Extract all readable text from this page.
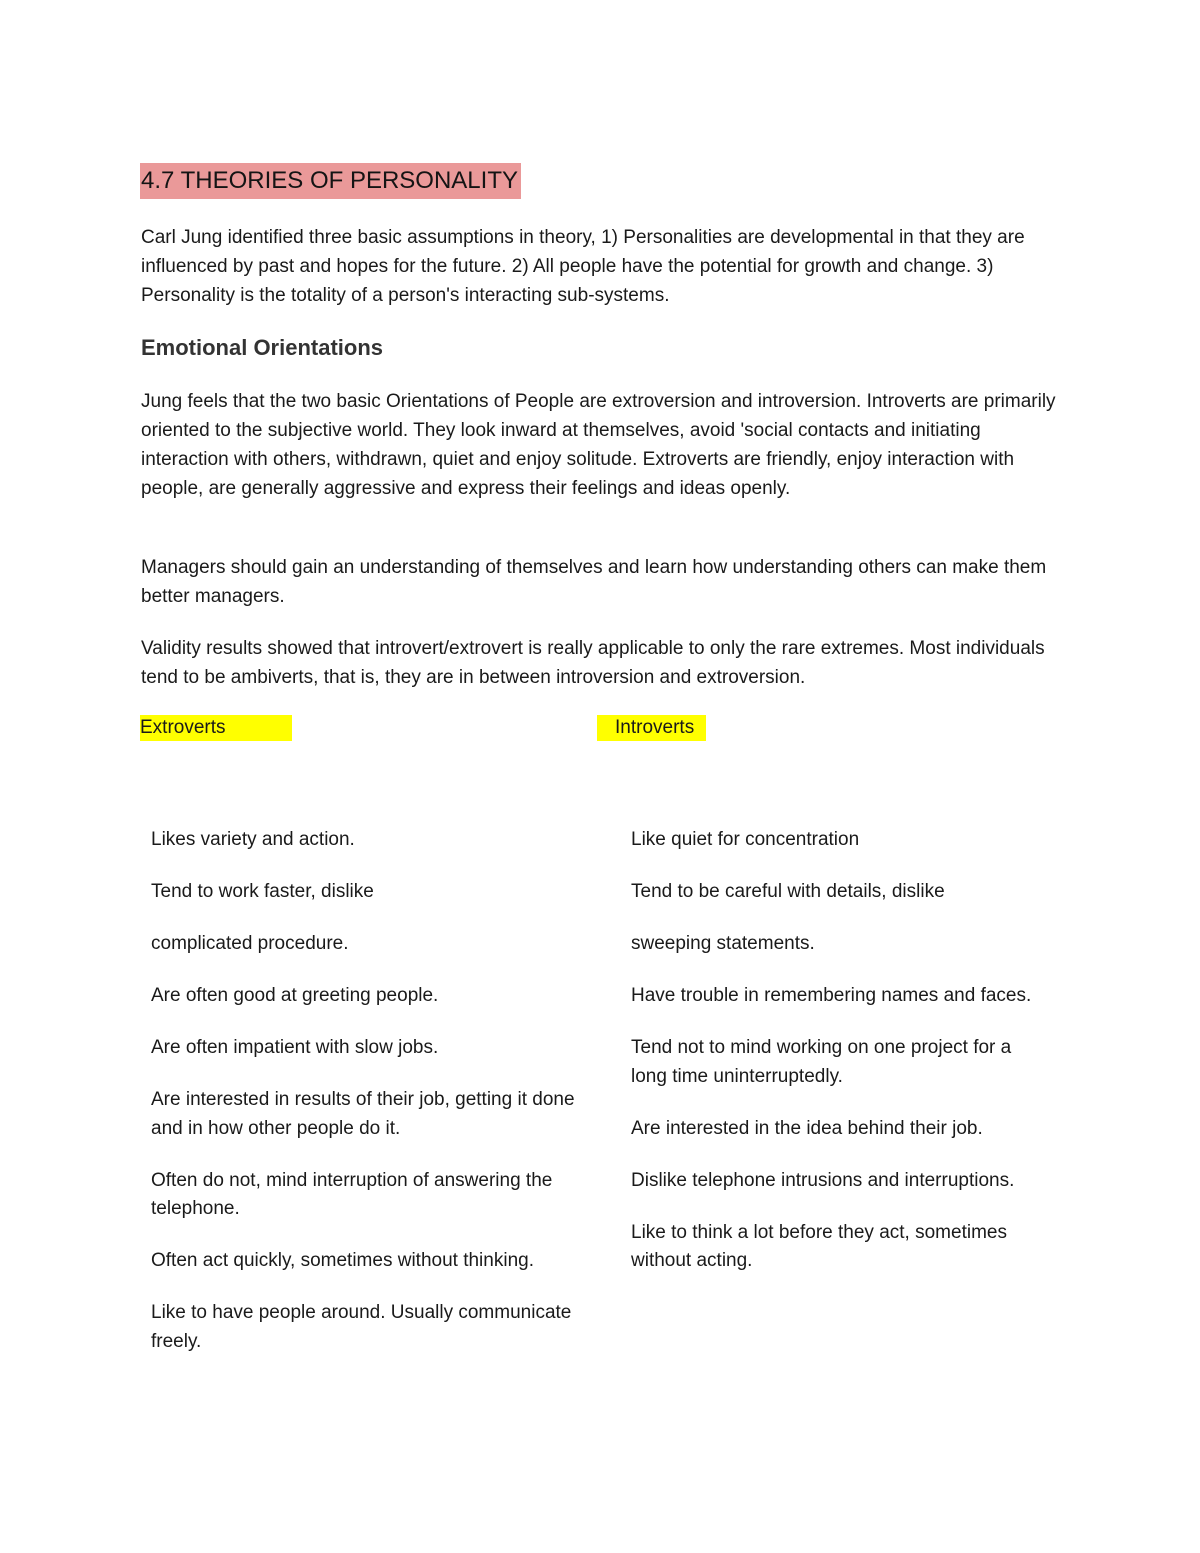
4.7 THEORIES OF PERSONALITY

Carl Jung identified three basic assumptions in theory, 1) Personalities are developmental in that they are influenced by past and hopes for the future. 2) All people have the potential for growth and change. 3) Personality is the totality of a person's interacting sub-systems.

Emotional Orientations

Jung feels that the two basic Orientations of People are extroversion and introversion. Introverts are primarily oriented to the subjective world. They look inward at themselves, avoid 'social contacts and initiating interaction with others, withdrawn, quiet and enjoy solitude. Extroverts are friendly, enjoy interaction with people, are generally aggressive and express their feelings and ideas openly.

Managers should gain an understanding of themselves and learn how understanding others can make them better managers.

Validity results showed that introvert/extrovert is really applicable to only the rare extremes. Most individuals tend to be ambiverts, that is, they are in between introversion and extroversion.

Extroverts	Introverts
Likes variety and action.
Tend to work faster, dislike
complicated procedure.
Are often good at greeting people.
Are often impatient with slow jobs.
Are interested in results of their job, getting it done and in how other people do it.
Often do not, mind interruption of answering the telephone.
Often act quickly, sometimes without thinking.
Like to have people around. Usually communicate freely.
Like quiet for concentration
Tend to be careful with details, dislike
sweeping statements.
Have trouble in remembering names and faces.
Tend not to mind working on one project for a long time uninterruptedly.
Are interested in the idea behind their job.
Dislike telephone intrusions and interruptions.
Like to think a lot before they act, sometimes without acting.
